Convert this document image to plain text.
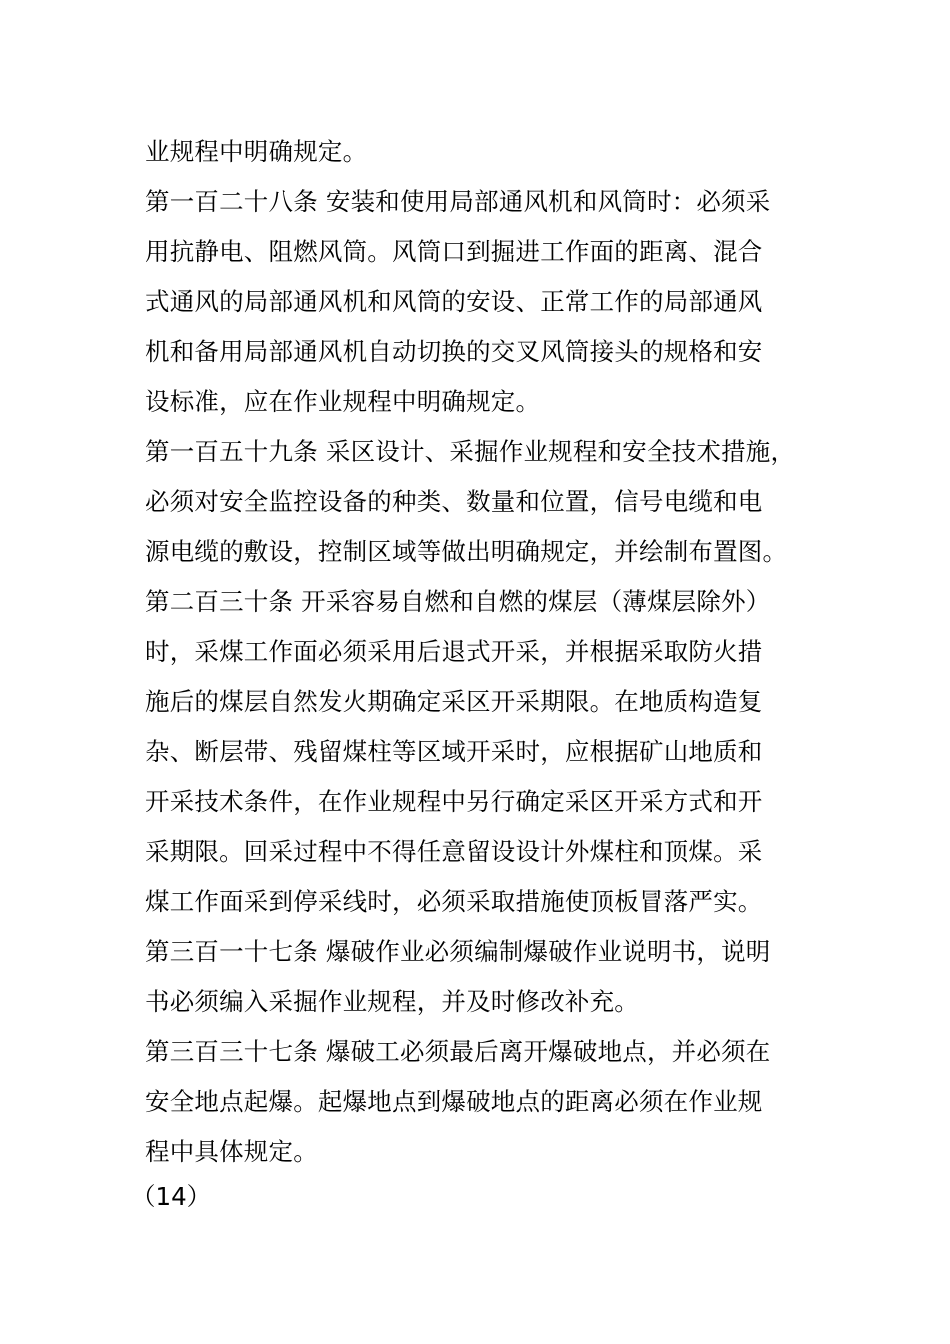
业规程中明确规定。
第一百二十八条 安装和使用局部通风机和风筒时：必须采
用抗静电、阻燃风筒。风筒口到掘进工作面的距离、混合
式通风的局部通风机和风筒的安设、正常工作的局部通风
机和备用局部通风机自动切换的交叉风筒接头的规格和安
设标准，应在作业规程中明确规定。
第一百五十九条 采区设计、采掘作业规程和安全技术措施，
必须对安全监控设备的种类、数量和位置，信号电缆和电
源电缆的敷设，控制区域等做出明确规定，并绘制布置图。
第二百三十条 开采容易自燃和自燃的煤层（薄煤层除外）
时，采煤工作面必须采用后退式开采，并根据采取防火措
施后的煤层自然发火期确定采区开采期限。在地质构造复
杂、断层带、残留煤柱等区域开采时，应根据矿山地质和
开采技术条件，在作业规程中另行确定采区开采方式和开
采期限。回采过程中不得任意留设设计外煤柱和顶煤。采
煤工作面采到停采线时，必须采取措施使顶板冒落严实。
第三百一十七条 爆破作业必须编制爆破作业说明书，说明
书必须编入采掘作业规程，并及时修改补充。
第三百三十七条 爆破工必须最后离开爆破地点，并必须在
安全地点起爆。起爆地点到爆破地点的距离必须在作业规
程中具体规定。
（14）
